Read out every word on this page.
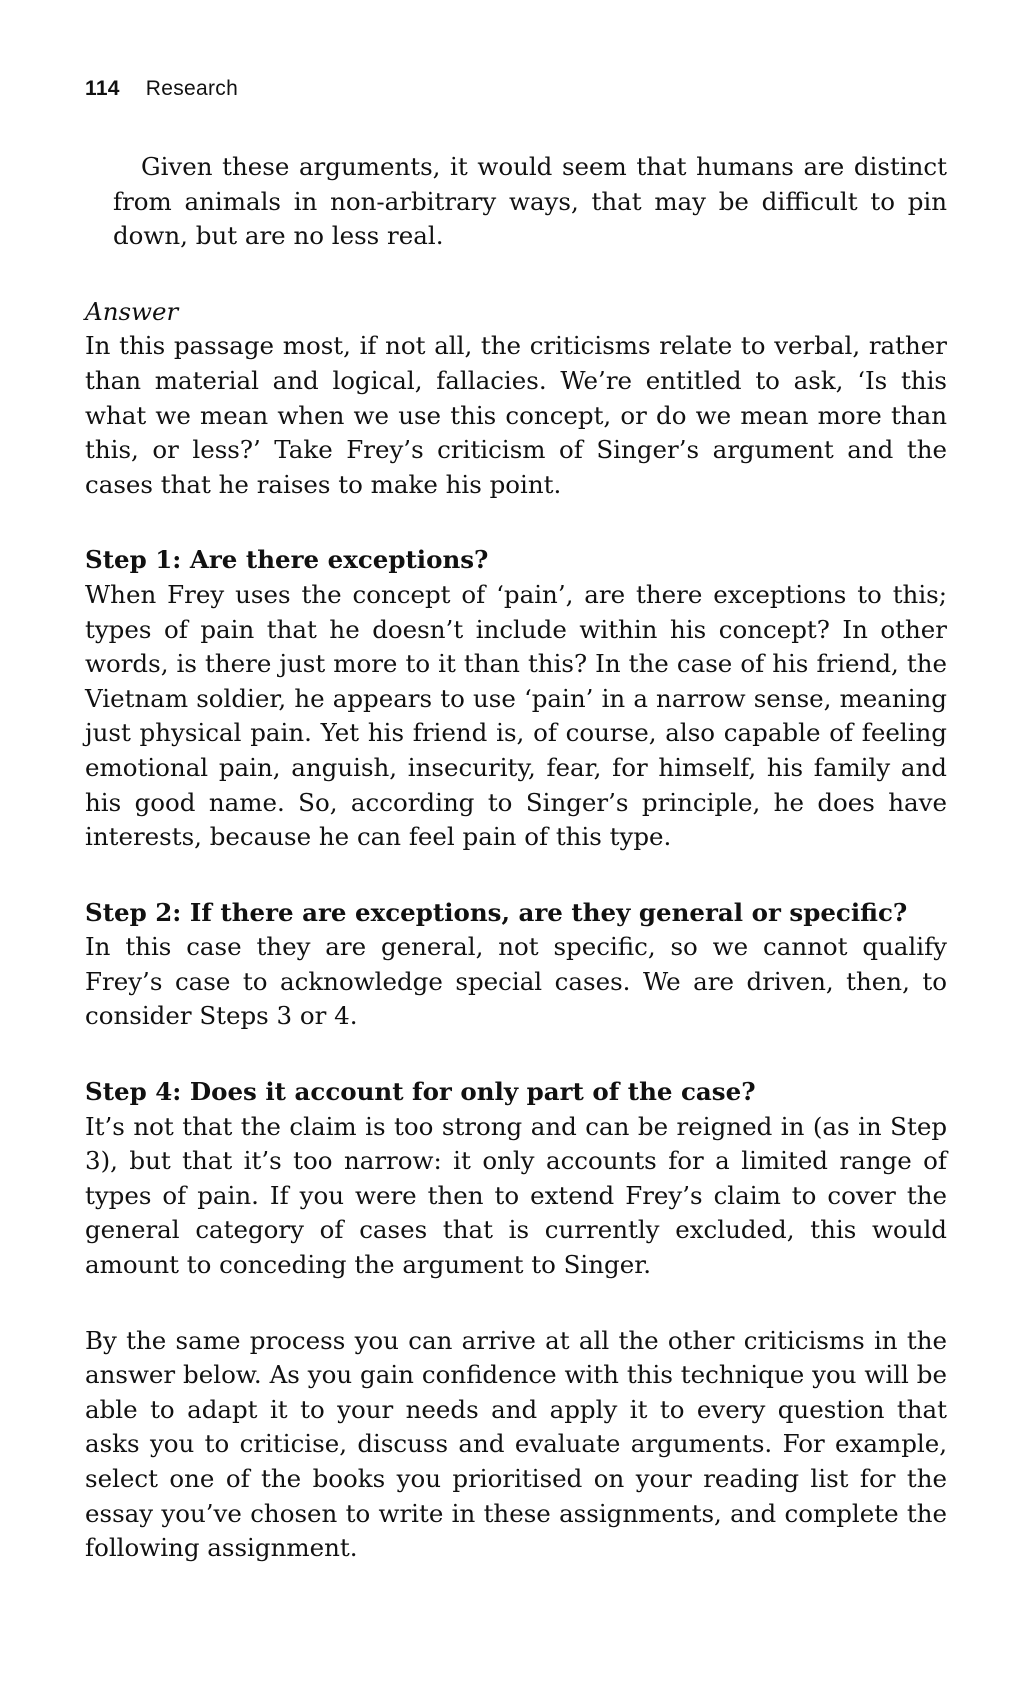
114 Research

Given these arguments, it would seem that humans are distinct from animals in non-arbitrary ways, that may be difficult to pin down, but are no less real.

Answer

In this passage most, if not all, the criticisms relate to verbal, rather than material and logical, fallacies. We’re entitled to ask, ‘Is this what we mean when we use this concept, or do we mean more than this, or less?’ Take Frey’s criticism of Singer’s argument and the cases that he raises to make his point.

Step 1: Are there exceptions?

When Frey uses the concept of ‘pain’, are there exceptions to this; types of pain that he doesn’t include within his concept? In other words, is there just more to it than this? In the case of his friend, the Vietnam soldier, he appears to use ‘pain’ in a narrow sense, meaning just physical pain. Yet his friend is, of course, also capable of feeling emotional pain, anguish, insecurity, fear, for himself, his family and his good name. So, according to Singer’s principle, he does have interests, because he can feel pain of this type.

Step 2: If there are exceptions, are they general or specific?

In this case they are general, not specific, so we cannot qualify Frey’s case to acknowledge special cases. We are driven, then, to consider Steps 3 or 4.

Step 4: Does it account for only part of the case?

It’s not that the claim is too strong and can be reigned in (as in Step 3), but that it’s too narrow: it only accounts for a limited range of types of pain. If you were then to extend Frey’s claim to cover the general category of cases that is currently excluded, this would amount to conceding the argument to Singer.

By the same process you can arrive at all the other criticisms in the answer below. As you gain confidence with this technique you will be able to adapt it to your needs and apply it to every question that asks you to criticise, discuss and evaluate arguments. For example, select one of the books you prioritised on your reading list for the essay you’ve chosen to write in these assignments, and complete the following assignment.
